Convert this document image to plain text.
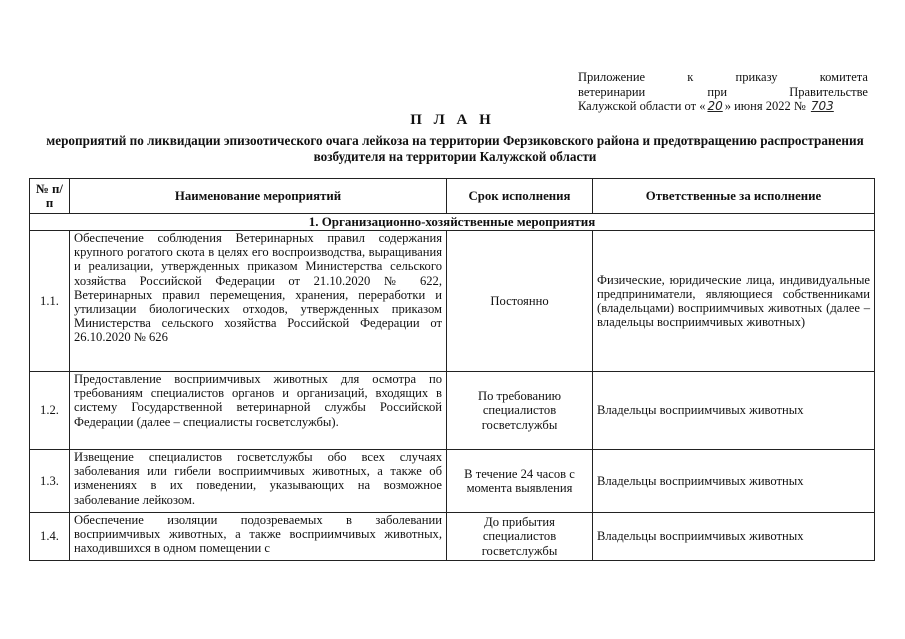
Приложение	к	приказу	комитета
ветеринарии	при	Правительстве
Калужской области от « 20 » июня 2022 № 703
П Л А Н
мероприятий по ликвидации эпизоотического очага лейкоза на территории Ферзиковского района и предотвращению распространения возбудителя на территории Калужской области
№ п/п	Наименование мероприятий	Срок исполнения	Ответственные за исполнение
1. Организационно-хозяйственные мероприятия			
1.1.	Обеспечение соблюдения Ветеринарных правил содержания крупного рогатого скота в целях его воспроизводства, выращивания и реализации, утвержденных приказом Министерства сельского хозяйства Российской Федерации от 21.10.2020 № 622, Ветеринарных правил перемещения, хранения, переработки и утилизации биологических отходов, утвержденных приказом Министерства сельского хозяйства Российской Федерации от 26.10.2020 № 626	Постоянно	Физические, юридические лица, индивидуальные предприниматели, являющиеся собственниками (владельцами) восприимчивых животных (далее – владельцы восприимчивых животных)
1.2.	Предоставление восприимчивых животных для осмотра по требованиям специалистов органов и организаций, входящих в систему Государственной ветеринарной службы Российской Федерации (далее – специалисты госветслужбы).	По требованию специалистов госветслужбы	Владельцы восприимчивых животных
1.3.	Извещение специалистов госветслужбы обо всех случаях заболевания или гибели восприимчивых животных, а также об изменениях в их поведении, указывающих на возможное заболевание лейкозом.	В течение 24 часов с момента выявления	Владельцы восприимчивых животных
1.4.	Обеспечение изоляции подозреваемых в заболевании восприимчивых животных, а также восприимчивых животных, находившихся в одном помещении с	До прибытия специалистов госветслужбы	Владельцы восприимчивых животных
